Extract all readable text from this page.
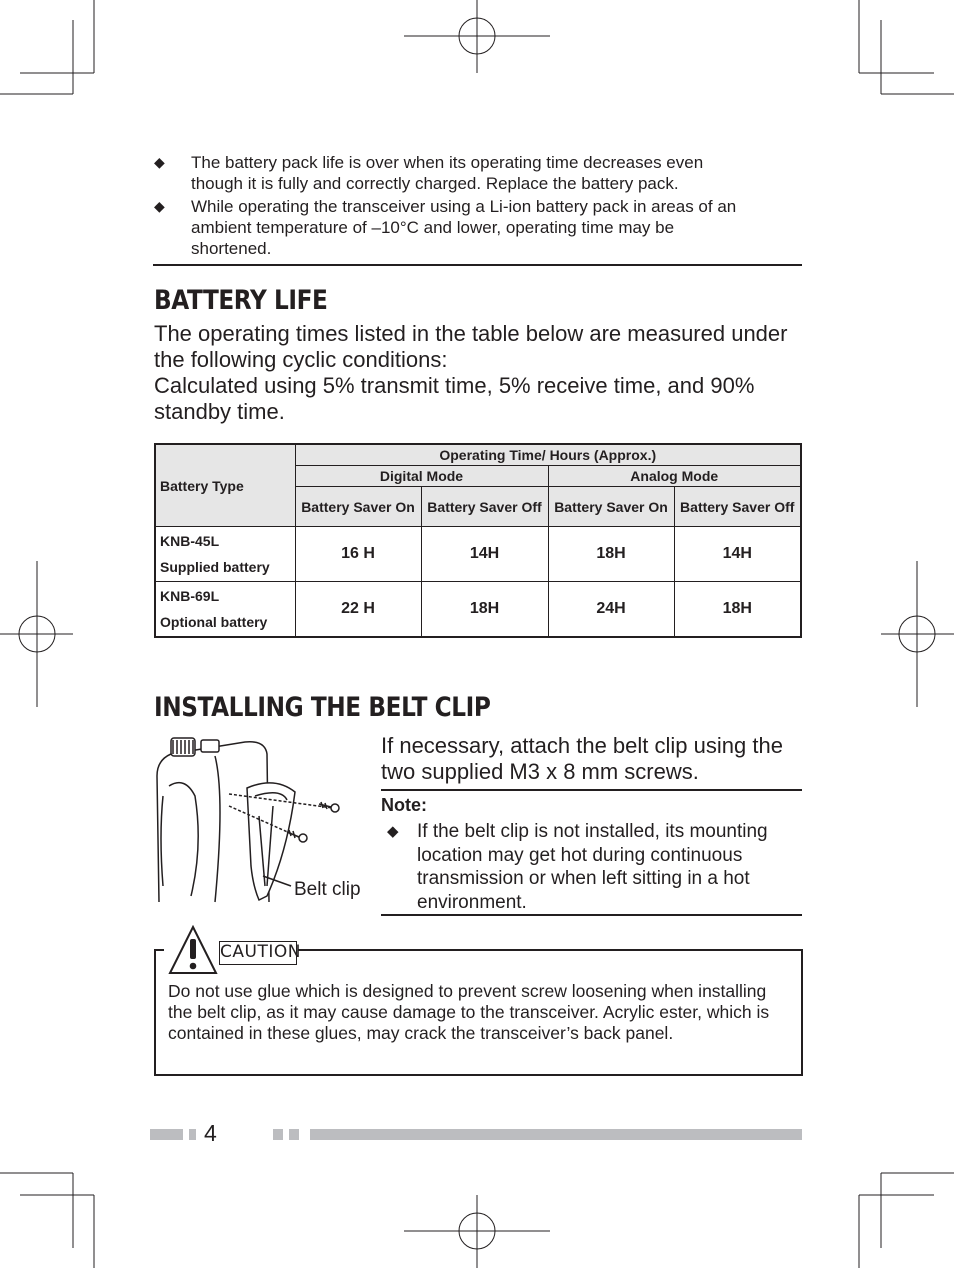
◆	The battery pack life is over when its operating time decreases even though it is fully and correctly charged. Replace the battery pack.
◆	While operating the transceiver using a Li-ion battery pack in areas of an ambient temperature of –10°C and lower, operating time may be shortened.
BATTERY LIFE
The operating times listed in the table below are measured under the following cyclic conditions:
Calculated using 5% transmit time, 5% receive time, and 90% standby time.
Battery Type	Operating Time/ Hours (Approx.)			
	Digital Mode		Analog Mode	
	Battery Saver On	Battery Saver Off	Battery Saver On	Battery Saver Off

KNB-45L
Supplied battery	16 H	14H	18H	14H

KNB-69L
Optional battery	22 H	18H	24H	18H
INSTALLING THE BELT CLIP
Belt clip
If necessary, attach the belt clip using the two supplied M3 x 8 mm screws.
Note:
◆ If the belt clip is not installed, its mounting location may get hot during continuous transmission or when left sitting in a hot environment.
CAUTION
Do not use glue which is designed to prevent screw loosening when installing the belt clip, as it may cause damage to the transceiver. Acrylic ester, which is contained in these glues, may crack the transceiver’s back panel.
4
